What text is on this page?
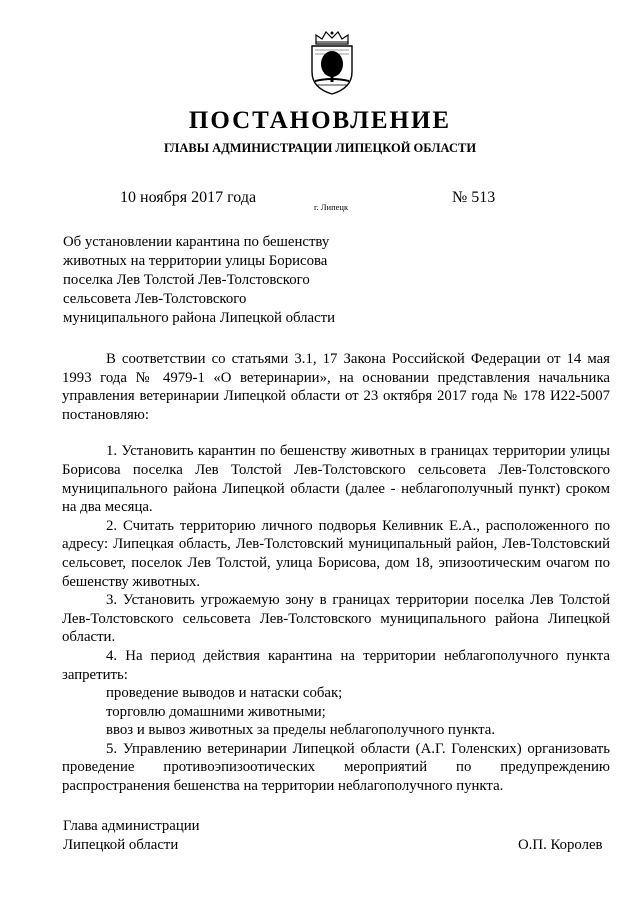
ПОСТАНОВЛЕНИЕ
ГЛАВЫ АДМИНИСТРАЦИИ ЛИПЕЦКОЙ ОБЛАСТИ
10 ноября 2017 года
г. Липецк
№ 513
Об установлении карантина по бешенству
животных на территории улицы Борисова
поселка Лев Толстой Лев-Толстовского
сельсовета Лев-Толстовского
муниципального района Липецкой области

В соответствии со статьями 3.1, 17 Закона Российской Федерации от 14 мая 1993 года № 4979-1 «О ветеринарии», на основании представления начальника управления ветеринарии Липецкой области от 23 октября 2017 года № 178 И22-5007 постановляю:

1. Установить карантин по бешенству животных в границах территории улицы Борисова поселка Лев Толстой Лев-Толстовского сельсовета Лев-Толстовского муниципального района Липецкой области (далее - неблагополучный пункт) сроком на два месяца.

2. Считать территорию личного подворья Келивник Е.А., расположенного по адресу: Липецкая область, Лев-Толстовский муниципальный район, Лев-Толстовский сельсовет, поселок Лев Толстой, улица Борисова, дом 18, эпизоотическим очагом по бешенству животных.

3. Установить угрожаемую зону в границах территории поселка Лев Толстой Лев-Толстовского сельсовета Лев-Толстовского муниципального района Липецкой области.

4. На период действия карантина на территории неблагополучного пункта запретить:

проведение выводов и натаски собак;

торговлю домашними животными;

ввоз и вывоз животных за пределы неблагополучного пункта.

5. Управлению ветеринарии Липецкой области (А.Г. Голенских) организовать проведение противоэпизоотических мероприятий по предупреждению распространения бешенства на территории неблагополучного пункта.

Глава администрации
Липецкой области	О.П. Королев
